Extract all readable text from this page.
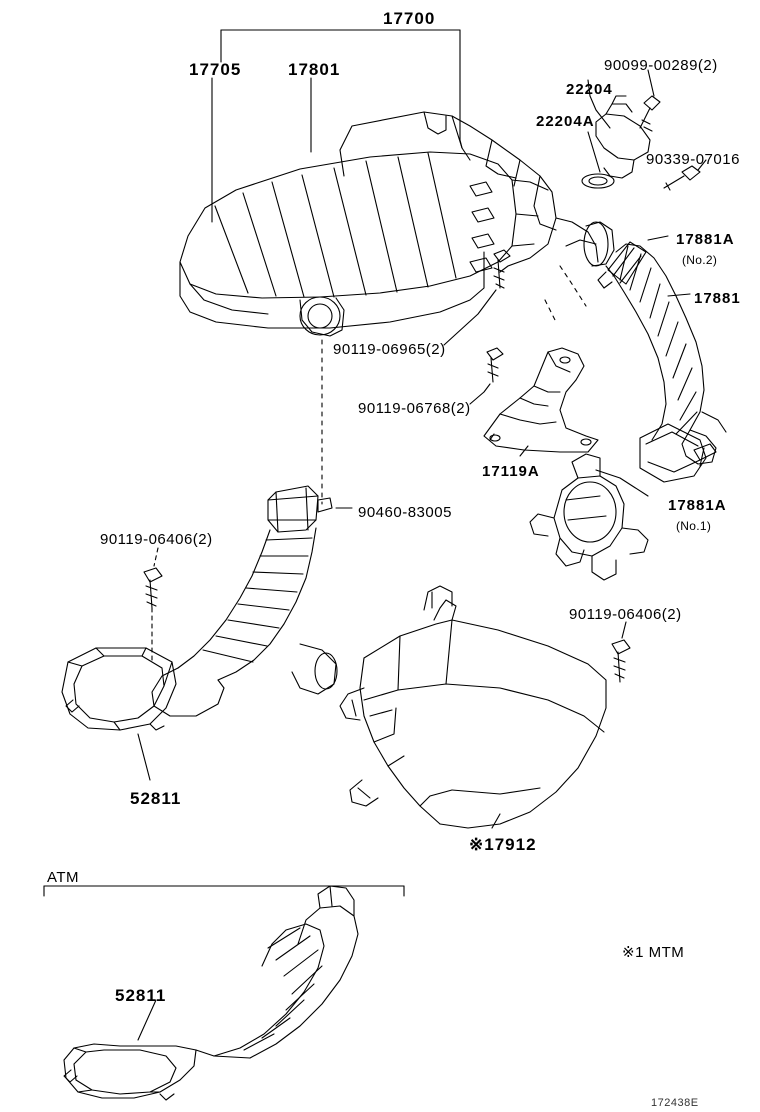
17700
17705	17801	90099-00289(2)
22204
22204A
90339-07016
17881A
(No.2)
17881
90119-06965(2)
90119-06768(2)
17119A
17881A
(No.1)
90460-83005
90119-06406(2)
90119-06406(2)
52811
※17912
ATM
※1 MTM
52811
172438E
